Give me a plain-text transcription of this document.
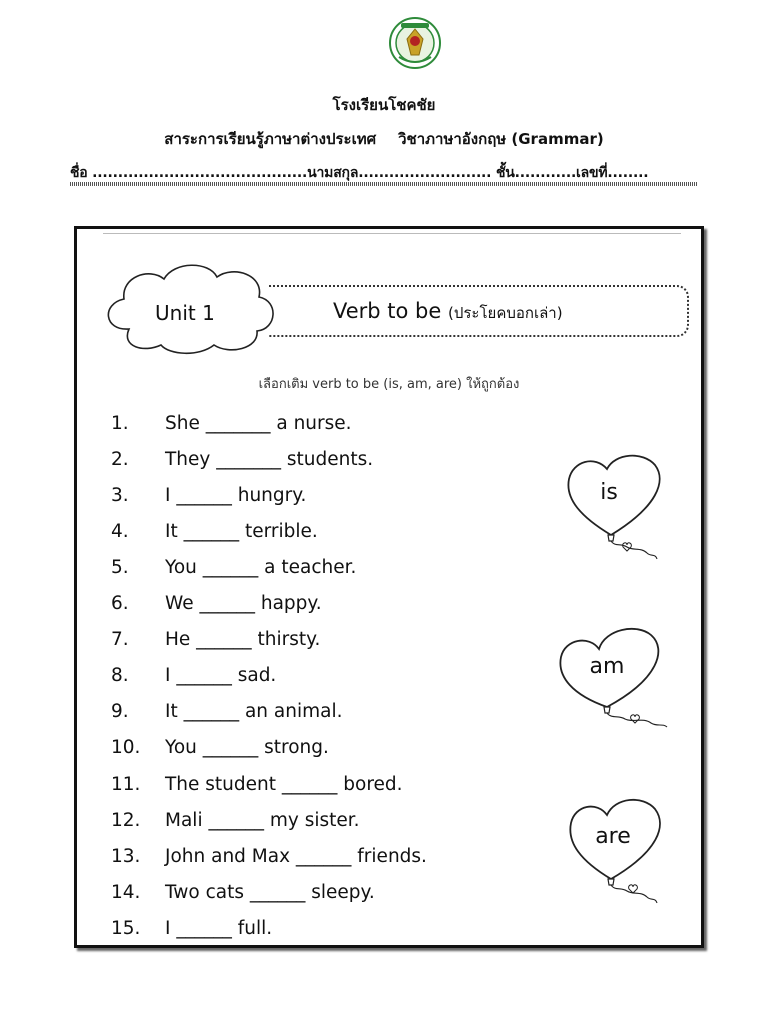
โรงเรียนโชคชัย
สาระการเรียนรู้ภาษาต่างประเทศ วิชาภาษาอังกฤษ (Grammar)
ชื่อ ..........................................นามสกุล.......................... ชั้น............เลขที่........
Unit 1	Verb to be (ประโยคบอกเล่า)
เลือกเติม verb to be (is, am, are) ให้ถูกต้อง
1. She _______ a nurse.
2. They _______ students.
3. I ______ hungry.
4. It ______ terrible.
5. You ______ a teacher.
6. We ______ happy.
7. He ______ thirsty.
8. I ______ sad.
9. It ______ an animal.
10. You ______ strong.
11. The student ______ bored.
12. Mali ______ my sister.
13. John and Max ______ friends.
14. Two cats ______ sleepy.
15. I ______ full.
is
am
are
